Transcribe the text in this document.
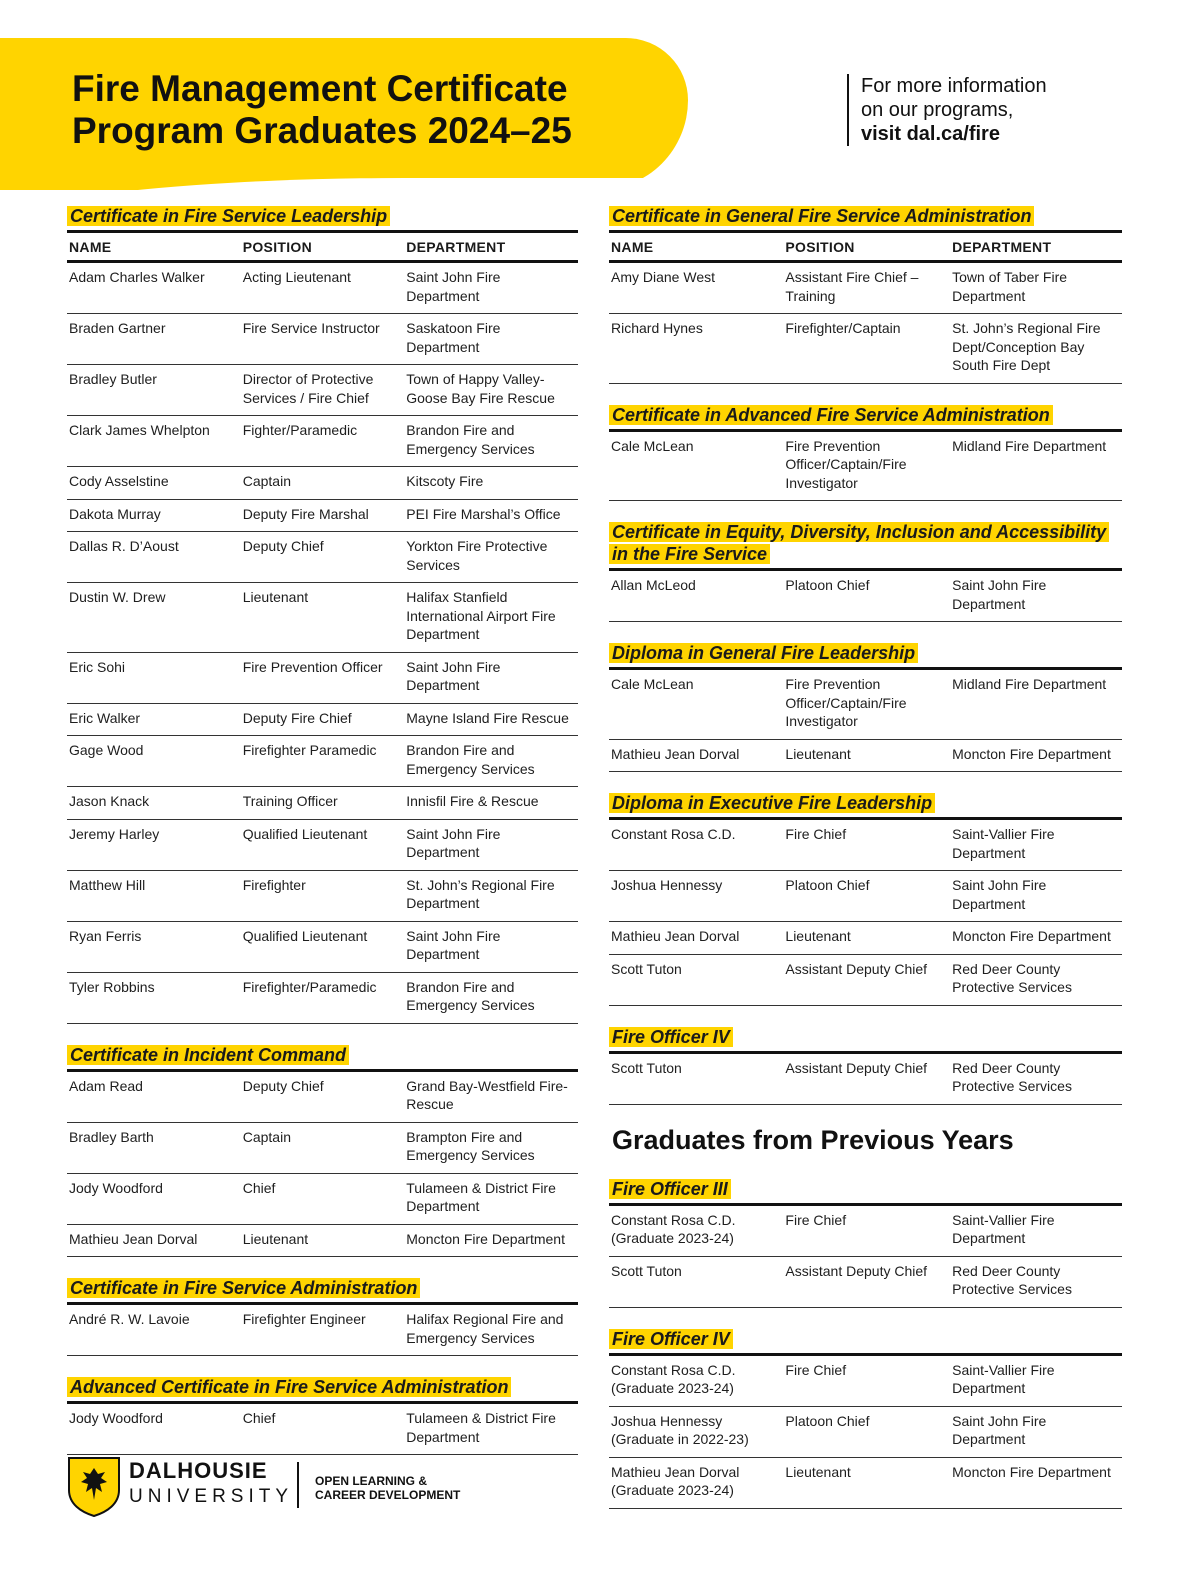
Fire Management Certificate
Program Graduates 2024–25
For more information
on our programs,
visit dal.ca/fire
Certificate in Fire Service Leadership
NAME	POSITION	DEPARTMENT
Adam Charles Walker	Acting Lieutenant	Saint John Fire Department
Braden Gartner	Fire Service Instructor	Saskatoon Fire Department
Bradley Butler	Director of Protective Services / Fire Chief	Town of Happy Valley-Goose Bay Fire Rescue
Clark James Whelpton	Fighter/Paramedic	Brandon Fire and Emergency Services
Cody Asselstine	Captain	Kitscoty Fire
Dakota Murray	Deputy Fire Marshal	PEI Fire Marshal’s Office
Dallas R. D’Aoust	Deputy Chief	Yorkton Fire Protective Services
Dustin W. Drew	Lieutenant	Halifax Stanfield International Airport Fire Department
Eric Sohi	Fire Prevention Officer	Saint John Fire Department
Eric Walker	Deputy Fire Chief	Mayne Island Fire Rescue
Gage Wood	Firefighter Paramedic	Brandon Fire and Emergency Services
Jason Knack	Training Officer	Innisfil Fire & Rescue
Jeremy Harley	Qualified Lieutenant	Saint John Fire Department
Matthew Hill	Firefighter	St. John’s Regional Fire Department
Ryan Ferris	Qualified Lieutenant	Saint John Fire Department
Tyler Robbins	Firefighter/Paramedic	Brandon Fire and Emergency Services
Certificate in Incident Command
Adam Read	Deputy Chief	Grand Bay-Westfield Fire-Rescue
Bradley Barth	Captain	Brampton Fire and Emergency Services
Jody Woodford	Chief	Tulameen & District Fire Department
Mathieu Jean Dorval	Lieutenant	Moncton Fire Department
Certificate in Fire Service Administration
André R. W. Lavoie	Firefighter Engineer	Halifax Regional Fire and Emergency Services
Advanced Certificate in Fire Service Administration
Jody Woodford	Chief	Tulameen & District Fire Department
Certificate in General Fire Service Administration
NAME	POSITION	DEPARTMENT
Amy Diane West	Assistant Fire Chief – Training	Town of Taber Fire Department
Richard Hynes	Firefighter/Captain	St. John’s Regional Fire Dept/Conception Bay South Fire Dept
Certificate in Advanced Fire Service Administration
Cale McLean	Fire Prevention Officer/Captain/Fire Investigator	Midland Fire Department
Certificate in Equity, Diversity, Inclusion and Accessibility in the Fire Service
Allan McLeod	Platoon Chief	Saint John Fire Department
Diploma in General Fire Leadership
Cale McLean	Fire Prevention Officer/Captain/Fire Investigator	Midland Fire Department
Mathieu Jean Dorval	Lieutenant	Moncton Fire Department
Diploma in Executive Fire Leadership
Constant Rosa C.D.	Fire Chief	Saint-Vallier Fire Department
Joshua Hennessy	Platoon Chief	Saint John Fire Department
Mathieu Jean Dorval	Lieutenant	Moncton Fire Department
Scott Tuton	Assistant Deputy Chief	Red Deer County Protective Services
Fire Officer IV
Scott Tuton	Assistant Deputy Chief	Red Deer County Protective Services
Graduates from Previous Years
Fire Officer III
Constant Rosa C.D. (Graduate 2023-24)	Fire Chief	Saint-Vallier Fire Department
Scott Tuton	Assistant Deputy Chief	Red Deer County Protective Services
Fire Officer IV
Constant Rosa C.D. (Graduate 2023-24)	Fire Chief	Saint-Vallier Fire Department
Joshua Hennessy (Graduate in 2022-23)	Platoon Chief	Saint John Fire Department
Mathieu Jean Dorval (Graduate 2023-24)	Lieutenant	Moncton Fire Department
DALHOUSIE
UNIVERSITY
OPEN LEARNING &
CAREER DEVELOPMENT
